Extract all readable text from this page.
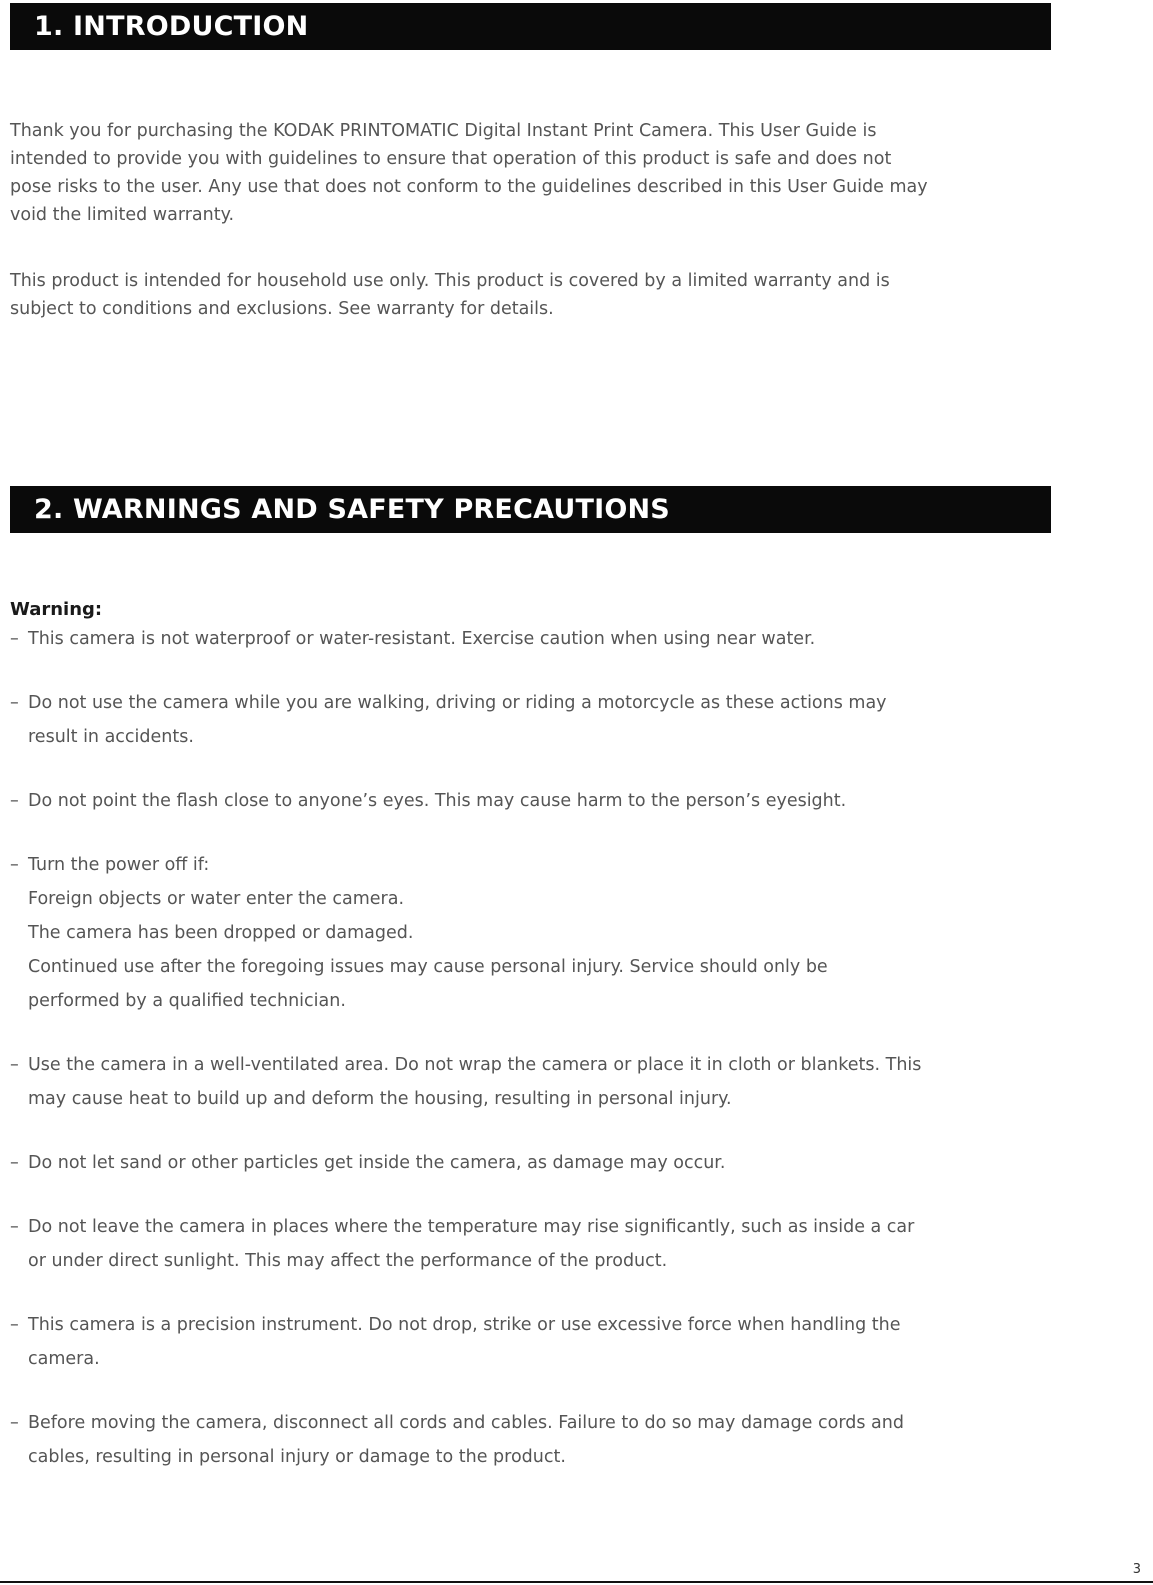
1. INTRODUCTION

Thank you for purchasing the KODAK PRINTOMATIC Digital Instant Print Camera. This User Guide is
intended to provide you with guidelines to ensure that operation of this product is safe and does not
pose risks to the user. Any use that does not conform to the guidelines described in this User Guide may
void the limited warranty.

This product is intended for household use only. This product is covered by a limited warranty and is
subject to conditions and exclusions. See warranty for details.

2. WARNINGS AND SAFETY PRECAUTIONS
Warning:
– This camera is not waterproof or water-resistant. Exercise caution when using near water.
– Do not use the camera while you are walking, driving or riding a motorcycle as these actions may
result in accidents.
– Do not point the flash close to anyone’s eyes. This may cause harm to the person’s eyesight.
– Turn the power off if:
Foreign objects or water enter the camera.
The camera has been dropped or damaged.
Continued use after the foregoing issues may cause personal injury. Service should only be
performed by a qualified technician.
– Use the camera in a well-ventilated area. Do not wrap the camera or place it in cloth or blankets. This
may cause heat to build up and deform the housing, resulting in personal injury.
– Do not let sand or other particles get inside the camera, as damage may occur.
– Do not leave the camera in places where the temperature may rise significantly, such as inside a car
or under direct sunlight. This may affect the performance of the product.
– This camera is a precision instrument. Do not drop, strike or use excessive force when handling the
camera.
– Before moving the camera, disconnect all cords and cables. Failure to do so may damage cords and
cables, resulting in personal injury or damage to the product.
3
